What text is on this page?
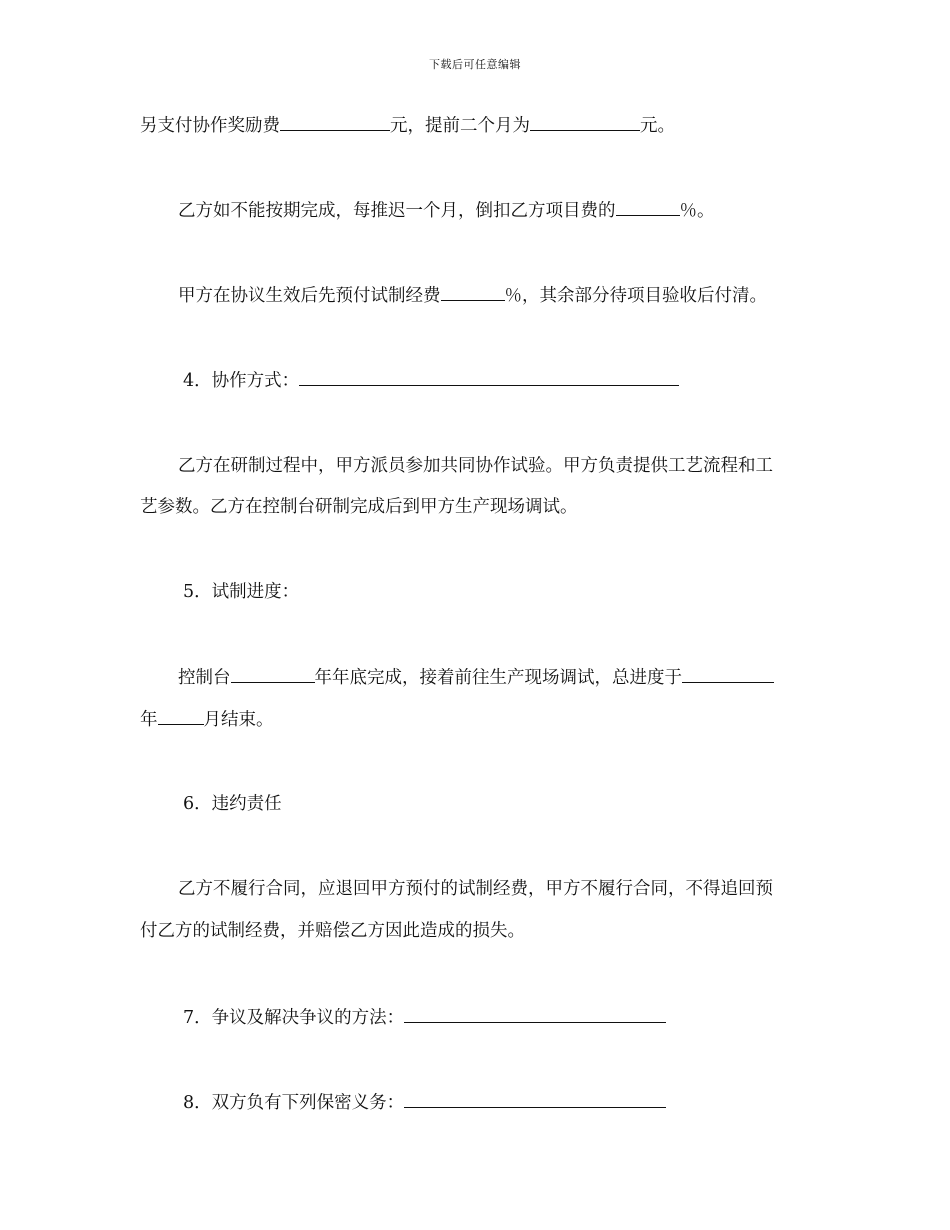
下载后可任意编辑
另支付协作奖励费	元，提前二个月为	元。
乙方如不能按期完成，每推迟一个月，倒扣乙方项目费的	％。
甲方在协议生效后先预付试制经费	％，其余部分待项目验收后付清。
4．协作方式：
乙方在研制过程中，甲方派员参加共同协作试验。甲方负责提供工艺流程和工
艺参数。乙方在控制台研制完成后到甲方生产现场调试。
5．试制进度：
控制台	年年底完成，接着前往生产现场调试，总进度于
年	月结束。
6．违约责任
乙方不履行合同，应退回甲方预付的试制经费，甲方不履行合同，不得追回预
付乙方的试制经费，并赔偿乙方因此造成的损失。
7．争议及解决争议的方法：
8．双方负有下列保密义务：
